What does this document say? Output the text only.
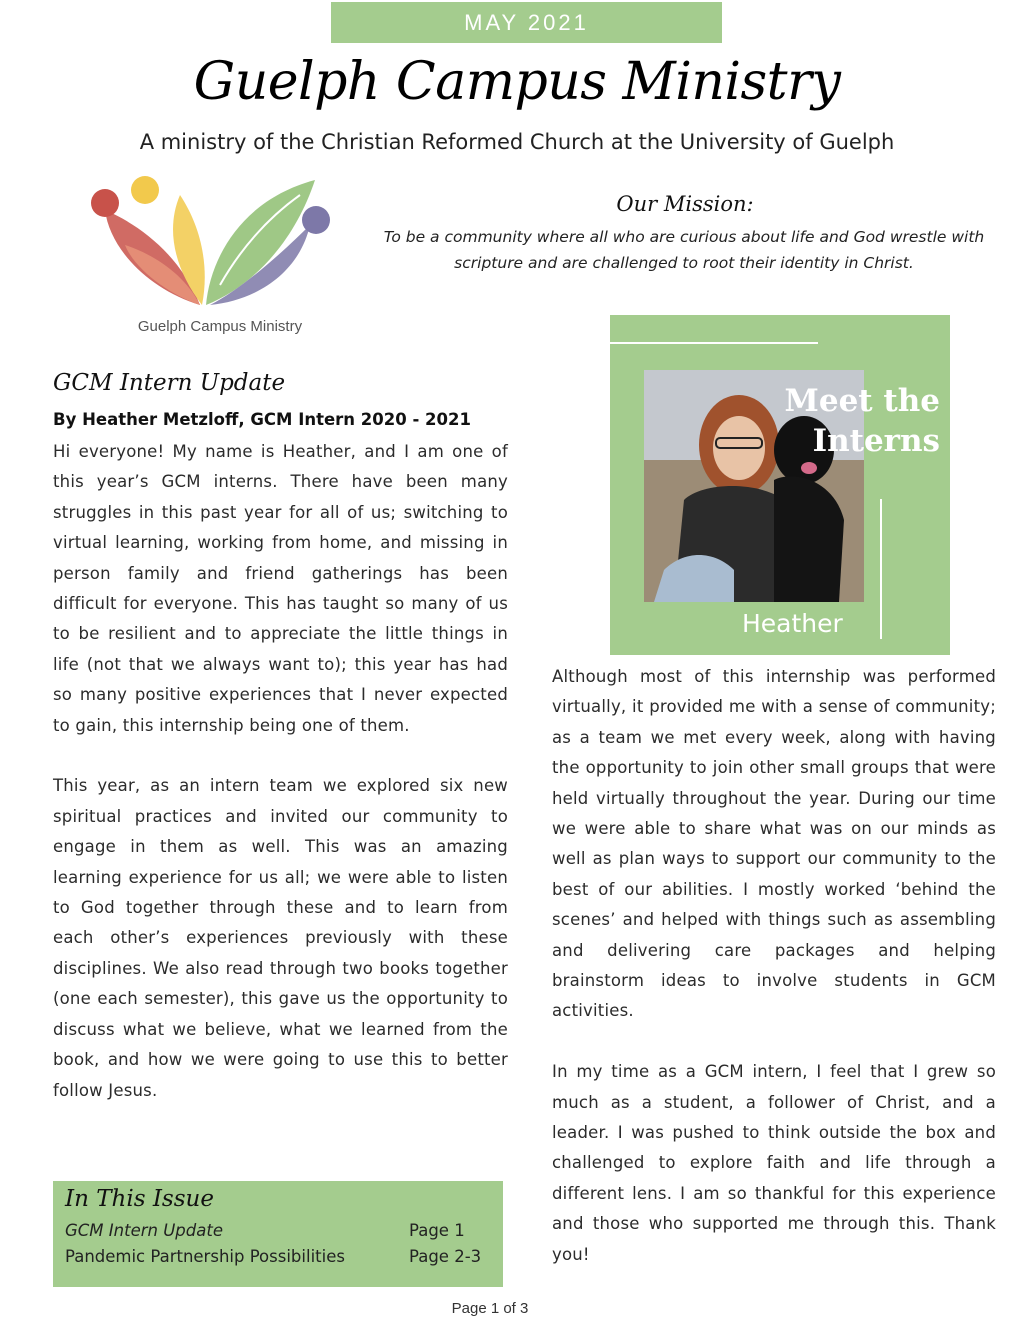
MAY 2021
Guelph Campus Ministry
A ministry of the Christian Reformed Church at the University of Guelph
Guelph Campus Ministry
Our Mission:
To be a community where all who are curious about life and God wrestle with scripture and are challenged to root their identity in Christ.
Meet the
Interns
Heather
GCM Intern Update
By Heather Metzloff, GCM Intern 2020 - 2021

Hi everyone! My name is Heather, and I am one of this year’s GCM interns. There have been many struggles in this past year for all of us; switching to virtual learning, working from home, and missing in person family and friend gatherings has been difficult for everyone. This has taught so many of us to be resilient and to appreciate the little things in life (not that we always want to); this year has had so many positive experiences that I never expected to gain, this internship being one of them.

This year, as an intern team we explored six new spiritual practices and invited our community to engage in them as well. This was an amazing learning experience for us all; we were able to listen to God together through these and to learn from each other’s experiences previously with these disciplines. We also read through two books together (one each semester), this gave us the opportunity to discuss what we believe, what we learned from the book, and how we were going to use this to better follow Jesus.

Although most of this internship was performed virtually, it provided me with a sense of community; as a team we met every week, along with having the opportunity to join other small groups that were held virtually throughout the year. During our time we were able to share what was on our minds as well as plan ways to support our community to the best of our abilities. I mostly worked ‘behind the scenes’ and helped with things such as assembling and delivering care packages and helping brainstorm ideas to involve students in GCM activities.

In my time as a GCM intern, I feel that I grew so much as a student, a follower of Christ, and a leader. I was pushed to think outside the box and challenged to explore faith and life through a different lens. I am so thankful for this experience and those who supported me through this. Thank you!

In This Issue
GCM Intern Update	Page 1
Pandemic Partnership Possibilities	Page 2-3
Page 1 of 3
